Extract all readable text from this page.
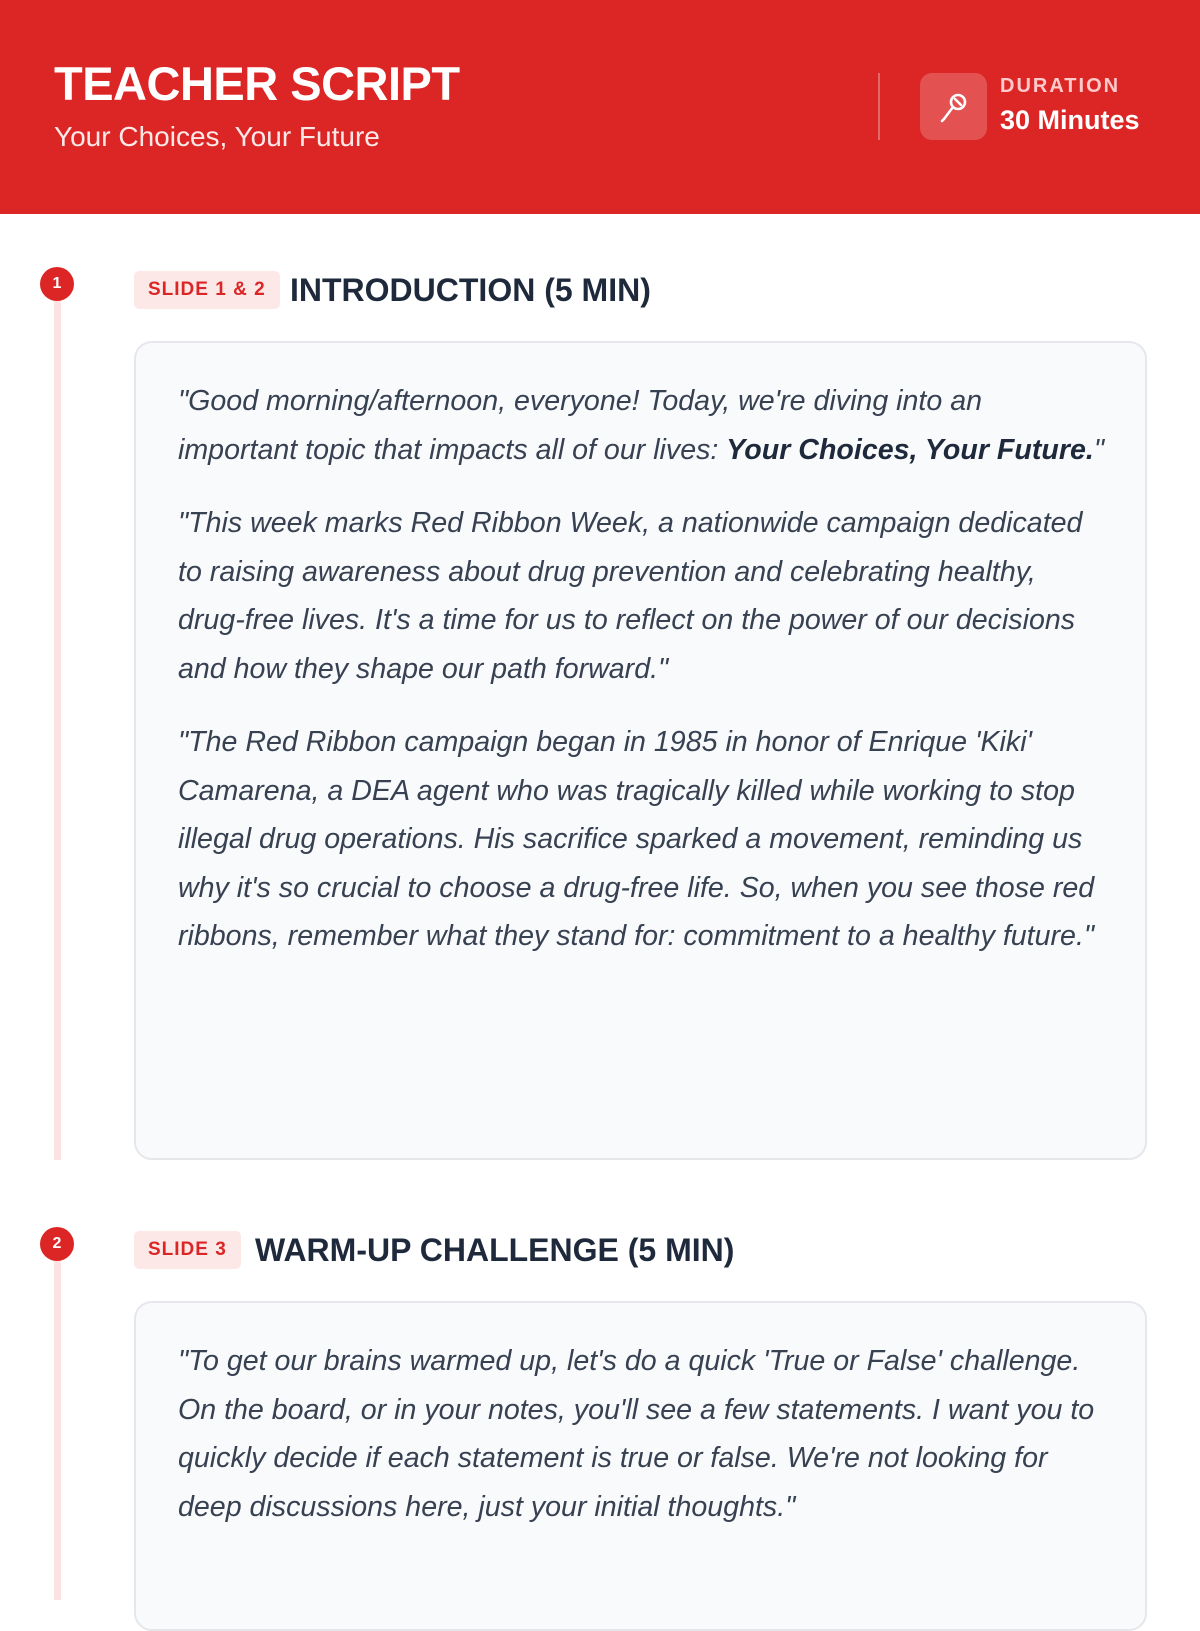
TEACHER SCRIPT
Your Choices, Your Future
DURATION
30 Minutes
1	SLIDE 1 & 2 INTRODUCTION (5 MIN)

"Good morning/afternoon, everyone! Today, we're diving into an important topic that impacts all of our lives: Your Choices, Your Future."

"This week marks Red Ribbon Week, a nationwide campaign dedicated to raising awareness about drug prevention and celebrating healthy, drug-free lives. It's a time for us to reflect on the power of our decisions and how they shape our path forward."

"The Red Ribbon campaign began in 1985 in honor of Enrique 'Kiki' Camarena, a DEA agent who was tragically killed while working to stop illegal drug operations. His sacrifice sparked a movement, reminding us why it's so crucial to choose a drug-free life. So, when you see those red ribbons, remember what they stand for: commitment to a healthy future."

2	SLIDE 3 WARM-UP CHALLENGE (5 MIN)

"To get our brains warmed up, let's do a quick 'True or False' challenge. On the board, or in your notes, you'll see a few statements. I want you to quickly decide if each statement is true or false. We're not looking for deep discussions here, just your initial thoughts."
